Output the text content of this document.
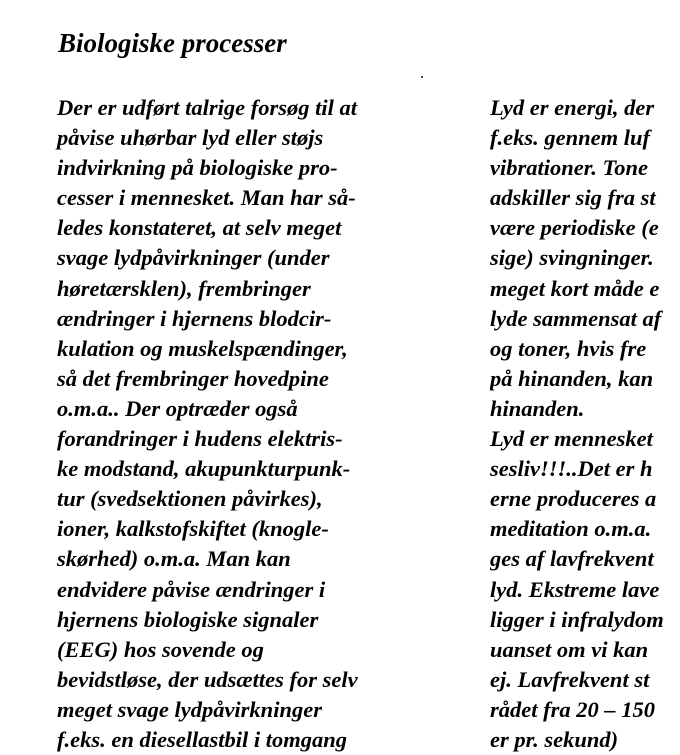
Biologiske processer
Der er udført talrige forsøg til at
påvise uhørbar lyd eller støjs
indvirkning på biologiske pro-
cesser i mennesket. Man har så-
ledes konstateret, at selv meget
svage lydpåvirkninger (under
høretærsklen), frembringer
ændringer i hjernens blodcir-
kulation og muskelspændinger,
så det frembringer hovedpine
o.m.a.. Der optræder også
forandringer i hudens elektris-
ke modstand, akupunkturpunk-
tur (svedsektionen påvirkes),
ioner, kalkstofskiftet (knogle-
skørhed) o.m.a. Man kan
endvidere påvise ændringer i
hjernens biologiske signaler
(EEG) hos sovende og
bevidstløse, der udsættes for selv
meget svage lydpåvirkninger
f.eks. en diesellastbil i tomgang
Lyd er energi, der
f.eks. gennem luf
vibrationer. Tone
adskiller sig fra st
være periodiske (e
sige) svingninger.
meget kort måde e
lyde sammensat af
og toner, hvis fre
på hinanden, kan
hinanden.
Lyd er mennesket
sesliv!!!..Det er h
erne produceres a
meditation o.m.a.
ges af lavfrekvent
lyd. Ekstreme lave
ligger i infralydom
uanset om vi kan
ej. Lavfrekvent st
rådet fra 20 – 150
er pr. sekund)
